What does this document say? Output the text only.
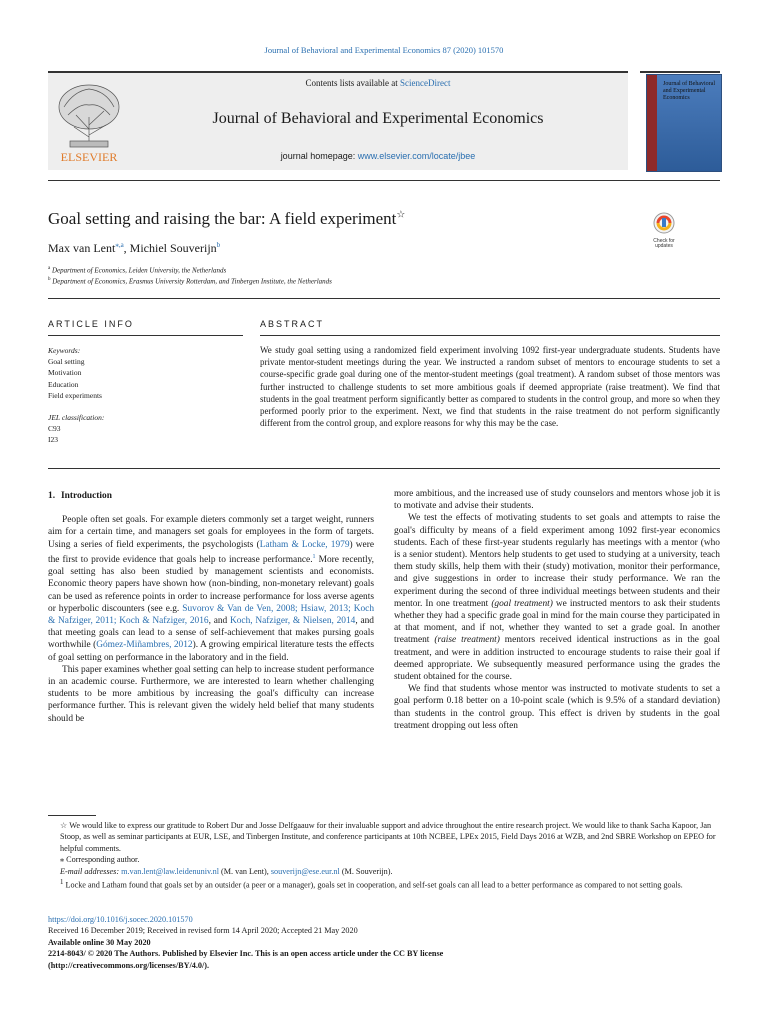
Journal of Behavioral and Experimental Economics 87 (2020) 101570
ELSEVIER
Contents lists available at ScienceDirect
Journal of Behavioral and Experimental Economics
journal homepage: www.elsevier.com/locate/jbee
Journal of Behavioral and Experimental Economics
Goal setting and raising the bar: A field experiment☆
Max van Lent$^{⁎,a}$, Michiel Souverijn$^b$	Check for updates
$^a$ Department of Economics, Leiden University, the Netherlands
$^b$ Department of Economics, Erasmus University Rotterdam, and Tinbergen Institute, the Netherlands
ARTICLE INFO	ABSTRACT
Keywords:
Goal setting
Motivation
Education
Field experiments
JEL classification:
C93
I23
We study goal setting using a randomized field experiment involving 1092 first-year undergraduate students. Students have private mentor-student meetings during the year. We instructed a random subset of mentors to encourage students to set a course-specific grade goal during one of the mentor-student meetings (goal treatment). A random subset of those mentors was further instructed to challenge students to set more ambitious goals if deemed appropriate (raise treatment). We find that students in the goal treatment perform significantly better as compared to students in the control group, and more so when they performed poorly prior to the experiment. Next, we find that students in the raise treatment do not perform significantly different from the control group, and explore reasons for why this may be the case.
1. Introduction

People often set goals. For example dieters commonly set a target weight, runners aim for a certain time, and managers set goals for employees in the form of targets. Using a series of field experiments, the psychologists (Latham & Locke, 1979) were the first to provide evidence that goals help to increase performance.$^1$ More recently, goal setting has also been studied by management scientists and economists. Economic theory papers have shown how (non-binding, non-monetary relevant) goals can be used as reference points in order to increase performance for loss averse agents or hyperbolic discounters (see e.g. Suvorov & Van de Ven, 2008; Hsiaw, 2013; Koch & Nafziger, 2011; Koch & Nafziger, 2016, and Koch, Nafziger, & Nielsen, 2014, and that meeting goals can lead to a sense of self-achievement that makes pursing goals worthwhile (Gómez-Miñambres, 2012). A growing empirical literature tests the effects of goal setting on performance in the laboratory and in the field.

This paper examines whether goal setting can help to increase student performance in an academic course. Furthermore, we are interested to learn whether challenging students to be more ambitious by increasing the goal's difficulty can increase performance further. This is relevant given the widely held belief that many students should be

more ambitious, and the increased use of study counselors and mentors whose job it is to motivate and advise their students.

We test the effects of motivating students to set goals and attempts to raise the goal's difficulty by means of a field experiment among 1092 first-year economics students. Each of these first-year students regularly has meetings with a mentor (who is a senior student). Mentors help students to get used to studying at a university, teach them study skills, help them with their (study) motivation, monitor their performance, and give suggestions in order to increase their study performance. We ran the experiment during the second of three individual meetings between students and their mentor. In one treatment (goal treatment) we instructed mentors to ask their students whether they had a specific grade goal in mind for the main course they participated in at that moment, and if not, whether they wanted to set a grade goal. In another treatment (raise treatment) mentors received identical instructions as in the goal treatment, and were in addition instructed to encourage students to raise their goal if deemed appropriate. We subsequently measured performance using the grades the student obtained for the course.

We find that students whose mentor was instructed to motivate students to set a goal perform 0.18 better on a 10-point scale (which is 9.5% of a standard deviation) than students in the control group. This effect is driven by students in the goal treatment dropping out less often

☆ We would like to express our gratitude to Robert Dur and Josse Delfgaauw for their invaluable support and advice throughout the entire research project. We would like to thank Sacha Kapoor, Jan Stoop, as well as seminar participants at EUR, LSE, and Tinbergen Institute, and conference participants at 10th NCBEE, LPEx 2015, Field Days 2016 at WZB, and 2nd SBRE Workshop on EPEO for helpful comments.

⁎ Corresponding author.

E-mail addresses: m.van.lent@law.leidenuniv.nl (M. van Lent), souverijn@ese.eur.nl (M. Souverijn).

$^1$ Locke and Latham found that goals set by an outsider (a peer or a manager), goals set in cooperation, and self-set goals can all lead to a better performance as compared to not setting goals.

https://doi.org/10.1016/j.socec.2020.101570

Received 16 December 2019; Received in revised form 14 April 2020; Accepted 21 May 2020

Available online 30 May 2020

2214-8043/ © 2020 The Authors. Published by Elsevier Inc. This is an open access article under the CC BY license

(http://creativecommons.org/licenses/BY/4.0/).
